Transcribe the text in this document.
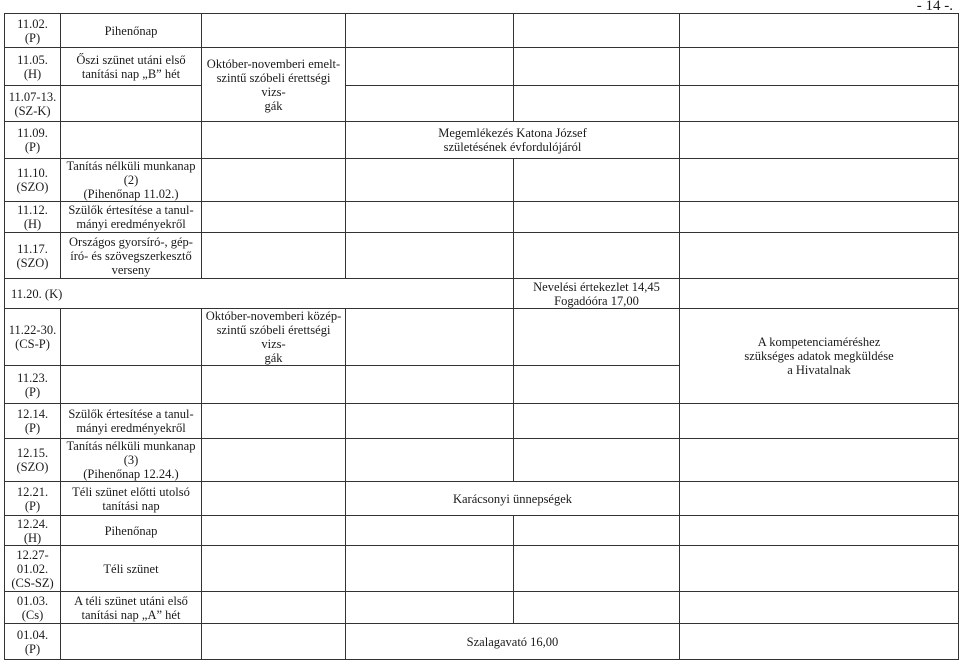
- 14 -.
11.02.
(P)	Pihenőnap				

11.05. (H)	Őszi szünet utáni első
tanítási nap „B” hét	Október-novemberi emelt-
szintű szóbeli érettségi vizs-
gák			

11.07-13.
(SZ-K)					

11.09.
(P)			Megemlékezés Katona József
születésének évfordulójáról		

11.10.
(SZO)	Tanítás nélküli munkanap
(2)
(Pihenőnap 11.02.)				

11.12.
(H)	Szülők értesítése a tanul-
mányi eredményekről				

11.17.
(SZO)	Országos gyorsíró-, gép-
író- és szövegszerkesztő
verseny				

11.20. (K)				Nevelési értekezlet 14,45
Fogadóóra 17,00	

11.22-30.
(CS-P)		Október-novemberi közép-
szintű szóbeli érettségi vizs-
gák			A kompetenciaméréshez
szükséges adatok megküldése
a Hivatalnak

11.23.
(P)					

12.14.
(P)	Szülők értesítése a tanul-
mányi eredményekről				

12.15.
(SZO)	Tanítás nélküli munkanap
(3)
(Pihenőnap 12.24.)				

12.21.
(P)	Téli szünet előtti utolsó
tanítási nap		Karácsonyi ünnepségek		

12.24.
(H)	Pihenőnap				

12.27-
01.02.
(CS-SZ)	Téli szünet				

01.03.
(Cs)	A téli szünet utáni első
tanítási nap „A” hét				

01.04.
(P)			Szalagavató 16,00		
